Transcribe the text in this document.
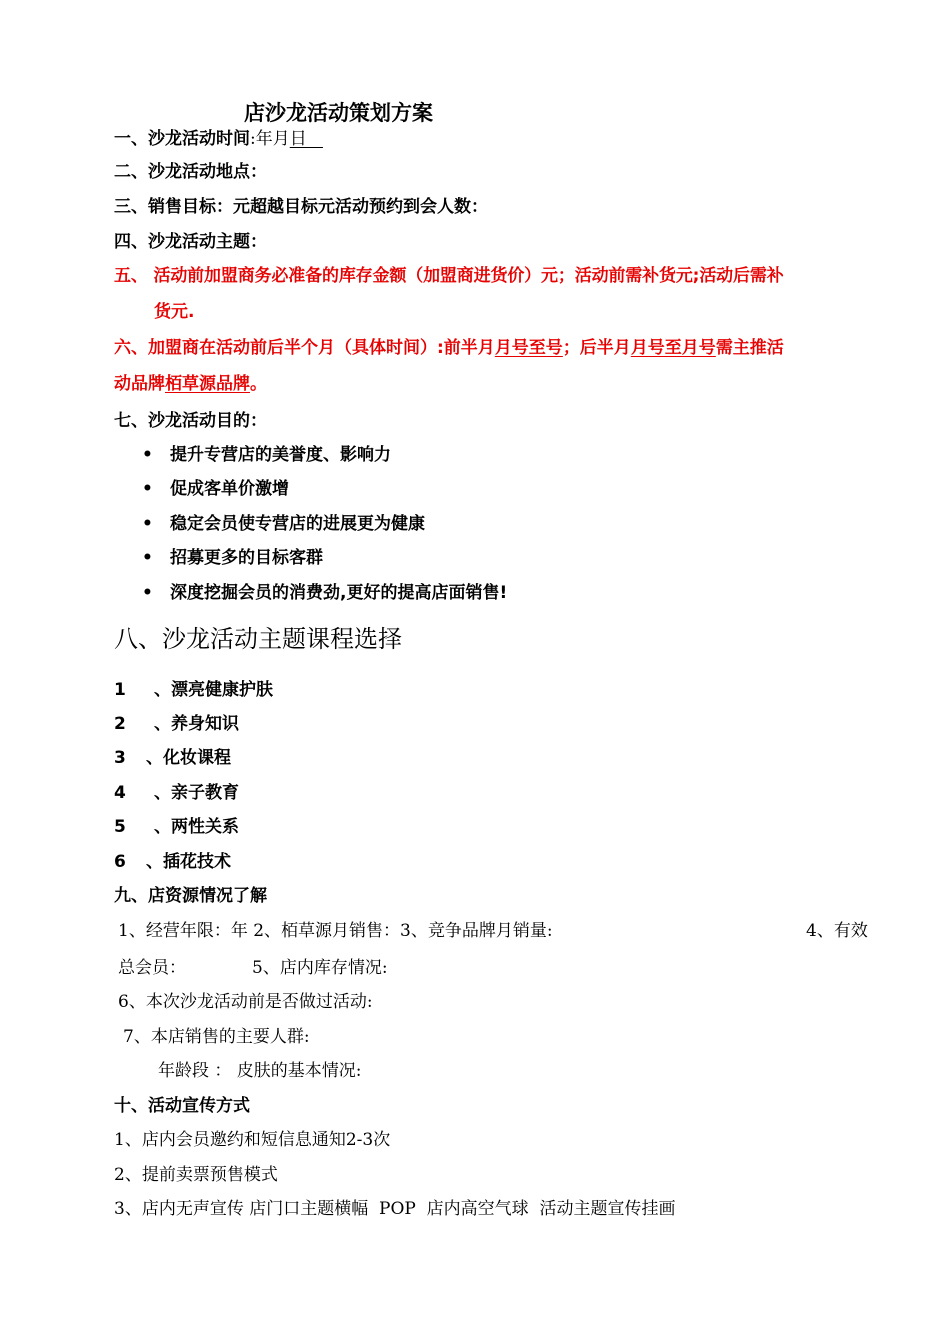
店沙龙活动策划方案
一、沙龙活动时间:年月日
二、沙龙活动地点：
三、销售目标：元超越目标元活动预约到会人数：
四、沙龙活动主题：
五、 活动前加盟商务必准备的库存金额（加盟商进货价）元；活动前需补货元;活动后需补
货元.
六、加盟商在活动前后半个月（具体时间）:前半月月号至号；后半月月号至月号需主推活
动品牌栢草源品牌。
七、沙龙活动目的：
• 提升专营店的美誉度、影响力
• 促成客单价激增
• 稳定会员使专营店的进展更为健康
• 招募更多的目标客群
• 深度挖掘会员的消费劲,更好的提高店面销售!
八、沙龙活动主题课程选择
1 、漂亮健康护肤
2 、养身知识
3 、化妆课程
4 、亲子教育
5 、两性关系
6 、插花技术
九、店资源情况了解
1、经营年限：年 2、栢草源月销售：3、竞争品牌月销量:	4、有效
总会员：	5、店内库存情况:
6、本次沙龙活动前是否做过活动:
7、本店销售的主要人群:
年龄段 ： 皮肤的基本情况:
十、活动宣传方式
1、店内会员邀约和短信息通知2-3次
2、提前卖票预售模式
3、店内无声宣传 店门口主题横幅  POP  店内高空气球  活动主题宣传挂画
